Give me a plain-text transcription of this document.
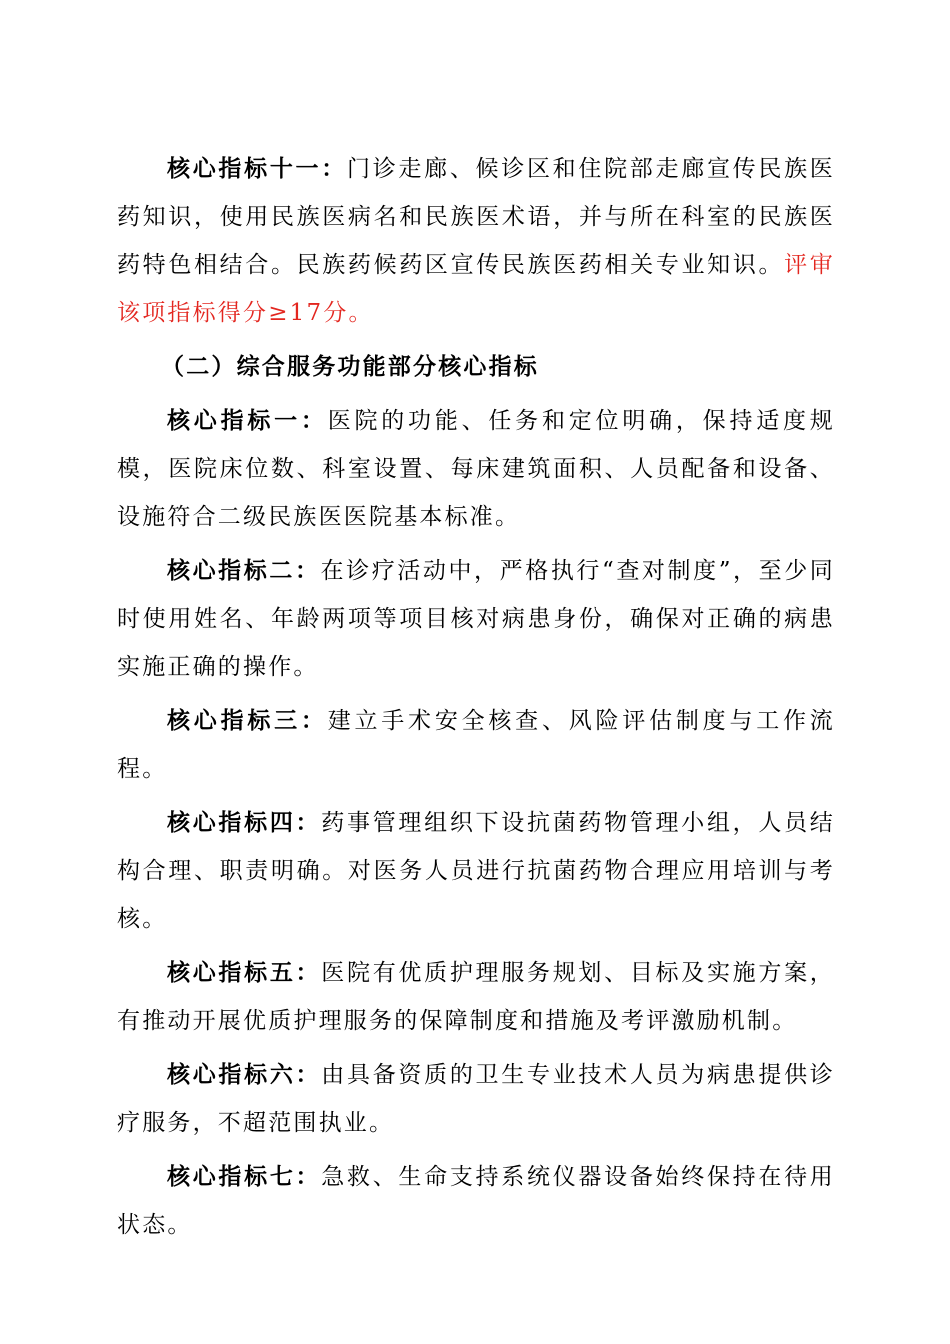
核心指标十一：门诊走廊、候诊区和住院部走廊宣传民族医药知识，使用民族医病名和民族医术语，并与所在科室的民族医药特色相结合。民族药候药区宣传民族医药相关专业知识。评审该项指标得分≥17分。

（二）综合服务功能部分核心指标

核心指标一：医院的功能、任务和定位明确，保持适度规模，医院床位数、科室设置、每床建筑面积、人员配备和设备、设施符合二级民族医医院基本标准。

核心指标二：在诊疗活动中，严格执行“查对制度”，至少同时使用姓名、年龄两项等项目核对病患身份，确保对正确的病患实施正确的操作。

核心指标三：建立手术安全核查、风险评估制度与工作流程。

核心指标四：药事管理组织下设抗菌药物管理小组，人员结构合理、职责明确。对医务人员进行抗菌药物合理应用培训与考核。

核心指标五：医院有优质护理服务规划、目标及实施方案，有推动开展优质护理服务的保障制度和措施及考评激励机制。

核心指标六：由具备资质的卫生专业技术人员为病患提供诊疗服务，不超范围执业。

核心指标七：急救、生命支持系统仪器设备始终保持在待用状态。
